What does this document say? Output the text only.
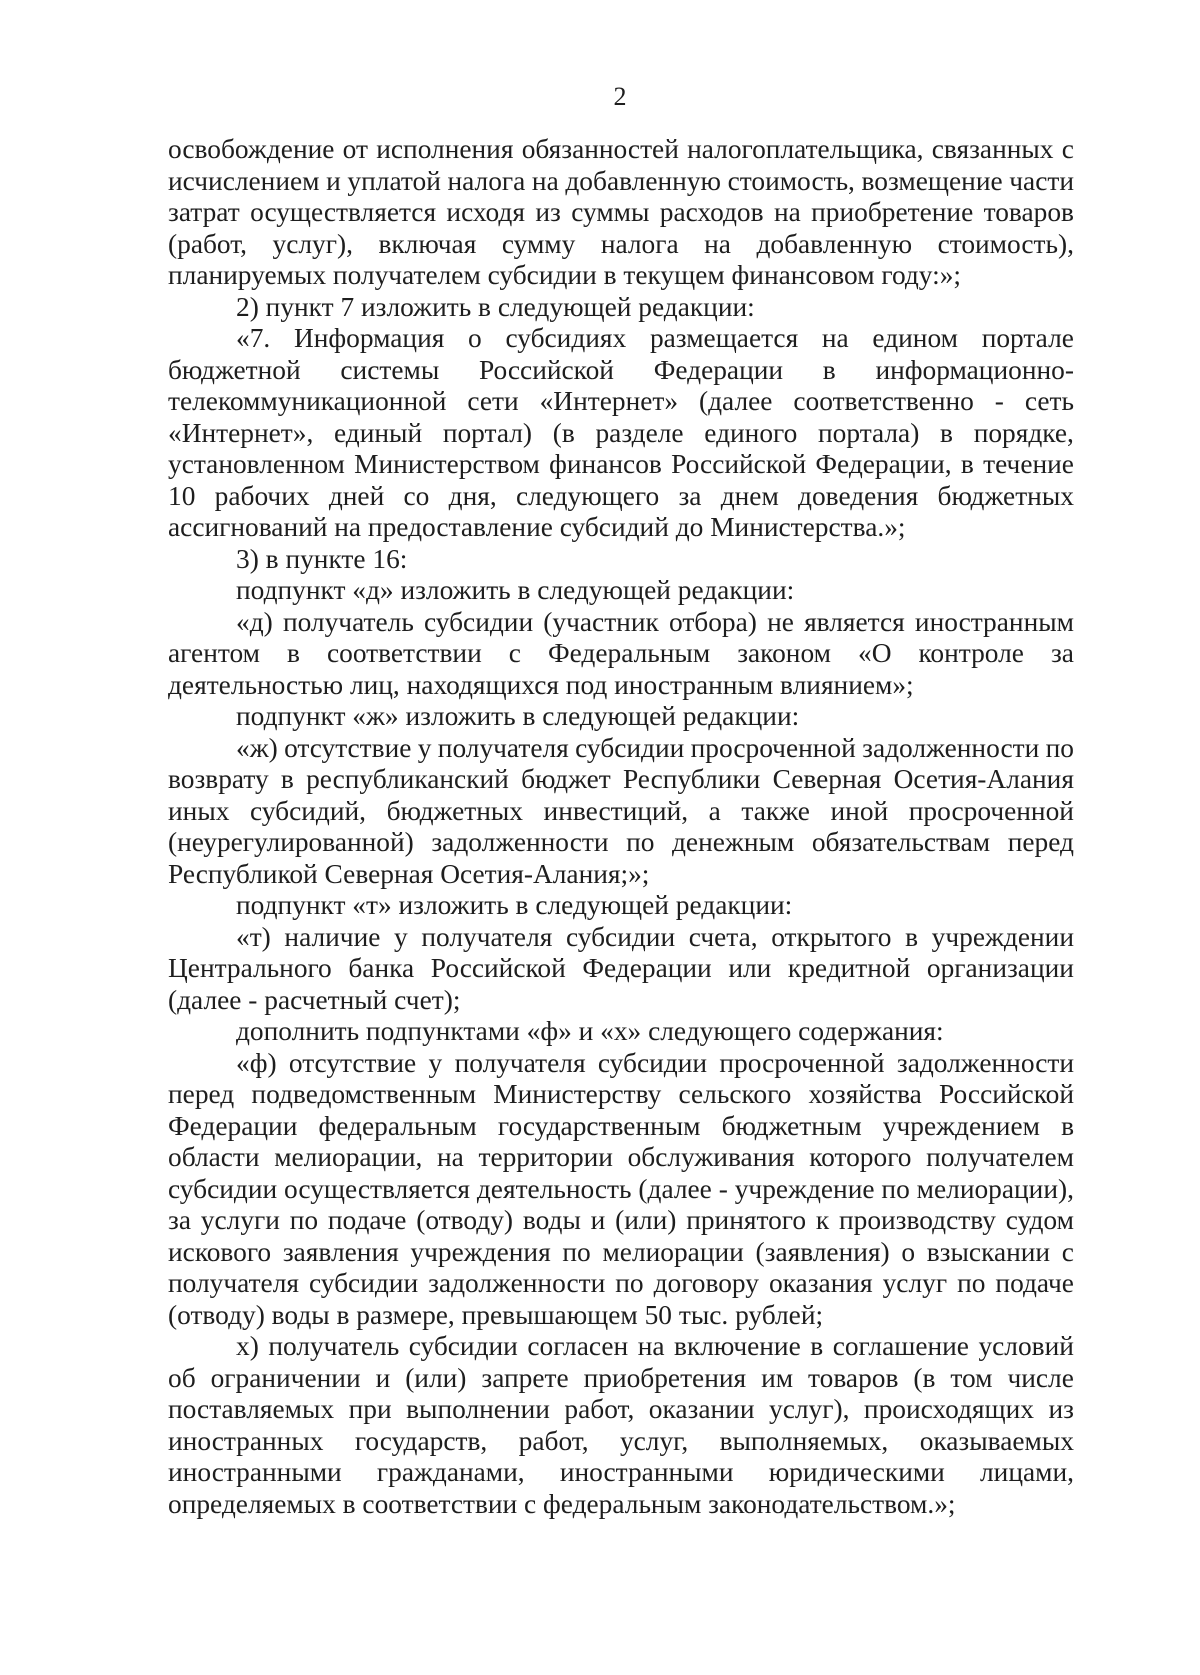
2
освобождение от исполнения обязанностей налогоплательщика, связанных с
исчислением и уплатой налога на добавленную стоимость, возмещение части
затрат осуществляется исходя из суммы расходов на приобретение товаров
(работ, услуг), включая сумму налога на добавленную стоимость),
планируемых получателем субсидии в текущем финансовом году:»;
2) пункт 7 изложить в следующей редакции:
«7. Информация о субсидиях размещается на едином портале
бюджетной системы Российской Федерации в информационно-
телекоммуникационной сети «Интернет» (далее соответственно - сеть
«Интернет», единый портал) (в разделе единого портала) в порядке,
установленном Министерством финансов Российской Федерации, в течение
10 рабочих дней со дня, следующего за днем доведения бюджетных
ассигнований на предоставление субсидий до Министерства.»;
3) в пункте 16:
подпункт «д» изложить в следующей редакции:
«д) получатель субсидии (участник отбора) не является иностранным
агентом в соответствии с Федеральным законом «О контроле за
деятельностью лиц, находящихся под иностранным влиянием»;
подпункт «ж» изложить в следующей редакции:
«ж) отсутствие у получателя субсидии просроченной задолженности по
возврату в республиканский бюджет Республики Северная Осетия-Алания
иных субсидий, бюджетных инвестиций, а также иной просроченной
(неурегулированной) задолженности по денежным обязательствам перед
Республикой Северная Осетия-Алания;»;
подпункт «т» изложить в следующей редакции:
«т) наличие у получателя субсидии счета, открытого в учреждении
Центрального банка Российской Федерации или кредитной организации
(далее - расчетный счет);
дополнить подпунктами «ф» и «х» следующего содержания:
«ф) отсутствие у получателя субсидии просроченной задолженности
перед подведомственным Министерству сельского хозяйства Российской
Федерации федеральным государственным бюджетным учреждением в
области мелиорации, на территории обслуживания которого получателем
субсидии осуществляется деятельность (далее - учреждение по мелиорации),
за услуги по подаче (отводу) воды и (или) принятого к производству судом
искового заявления учреждения по мелиорации (заявления) о взыскании с
получателя субсидии задолженности по договору оказания услуг по подаче
(отводу) воды в размере, превышающем 50 тыс. рублей;
х) получатель субсидии согласен на включение в соглашение условий
об ограничении и (или) запрете приобретения им товаров (в том числе
поставляемых при выполнении работ, оказании услуг), происходящих из
иностранных государств, работ, услуг, выполняемых, оказываемых
иностранными гражданами, иностранными юридическими лицами,
определяемых в соответствии с федеральным законодательством.»;
